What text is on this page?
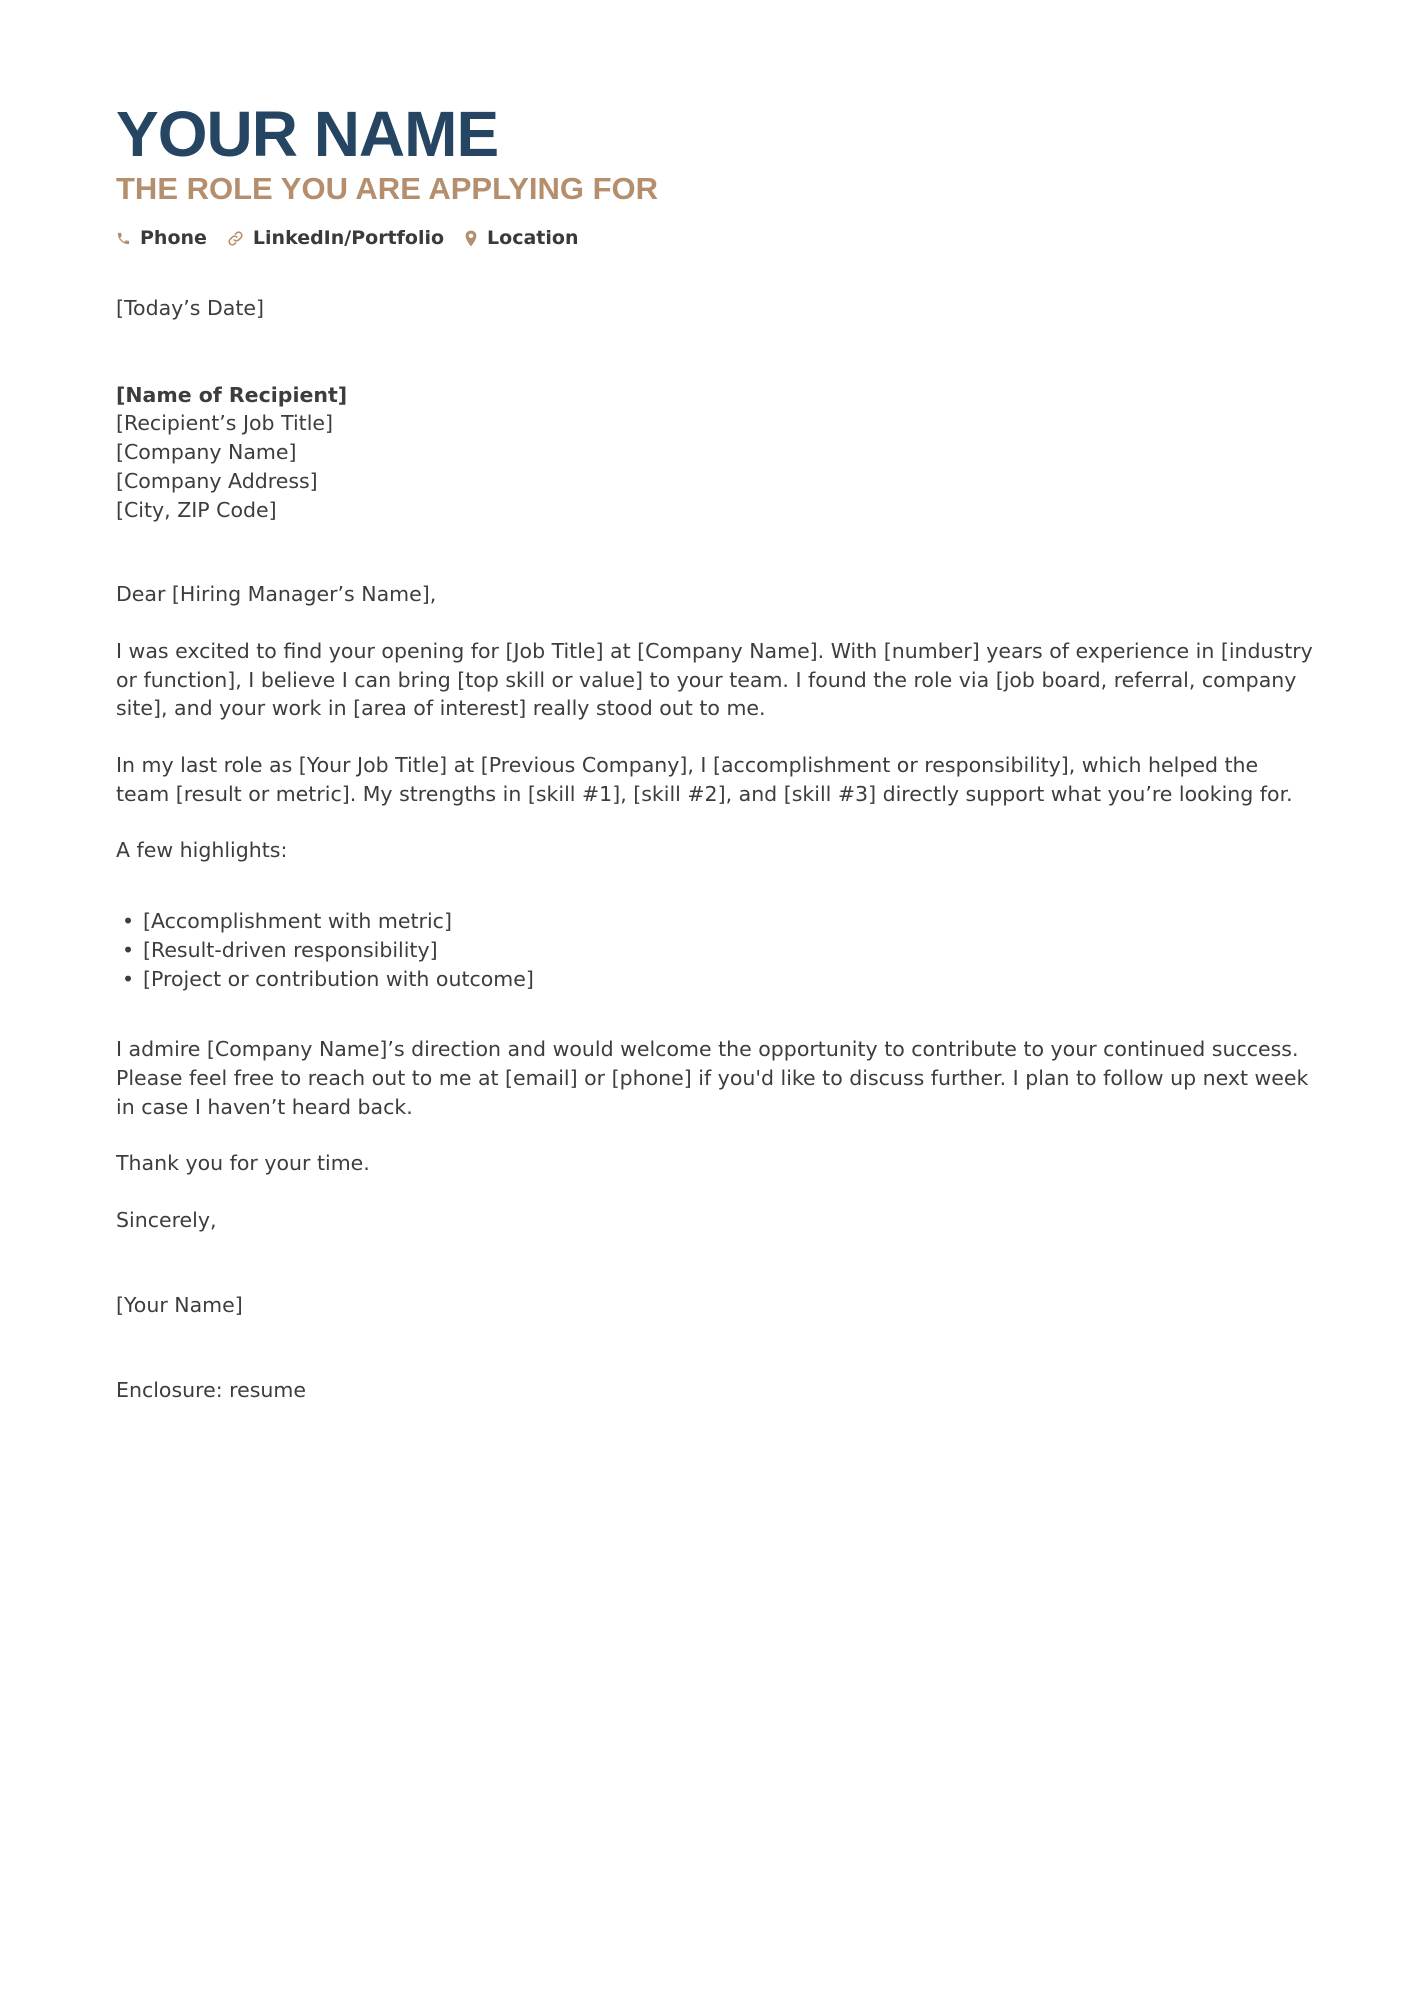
YOUR NAME
THE ROLE YOU ARE APPLYING FOR
Phone LinkedIn/Portfolio Location

[Today’s Date]

[Name of Recipient]

[Recipient’s Job Title]

[Company Name]

[Company Address]

[City, ZIP Code]

Dear [Hiring Manager’s Name],

I was excited to find your opening for [Job Title] at [Company Name]. With [number] years of experience in [industry or function], I believe I can bring [top skill or value] to your team. I found the role via [job board, referral, company site], and your work in [area of interest] really stood out to me.

In my last role as [Your Job Title] at [Previous Company], I [accomplishment or responsibility], which helped the team [result or metric]. My strengths in [skill #1], [skill #2], and [skill #3] directly support what you’re looking for.

A few highlights:

• [Accomplishment with metric]
• [Result-driven responsibility]
• [Project or contribution with outcome]

I admire [Company Name]’s direction and would welcome the opportunity to contribute to your continued success. Please feel free to reach out to me at [email] or [phone] if you'd like to discuss further. I plan to follow up next week in case I haven’t heard back.

Thank you for your time.

Sincerely,

[Your Name]

Enclosure: resume
